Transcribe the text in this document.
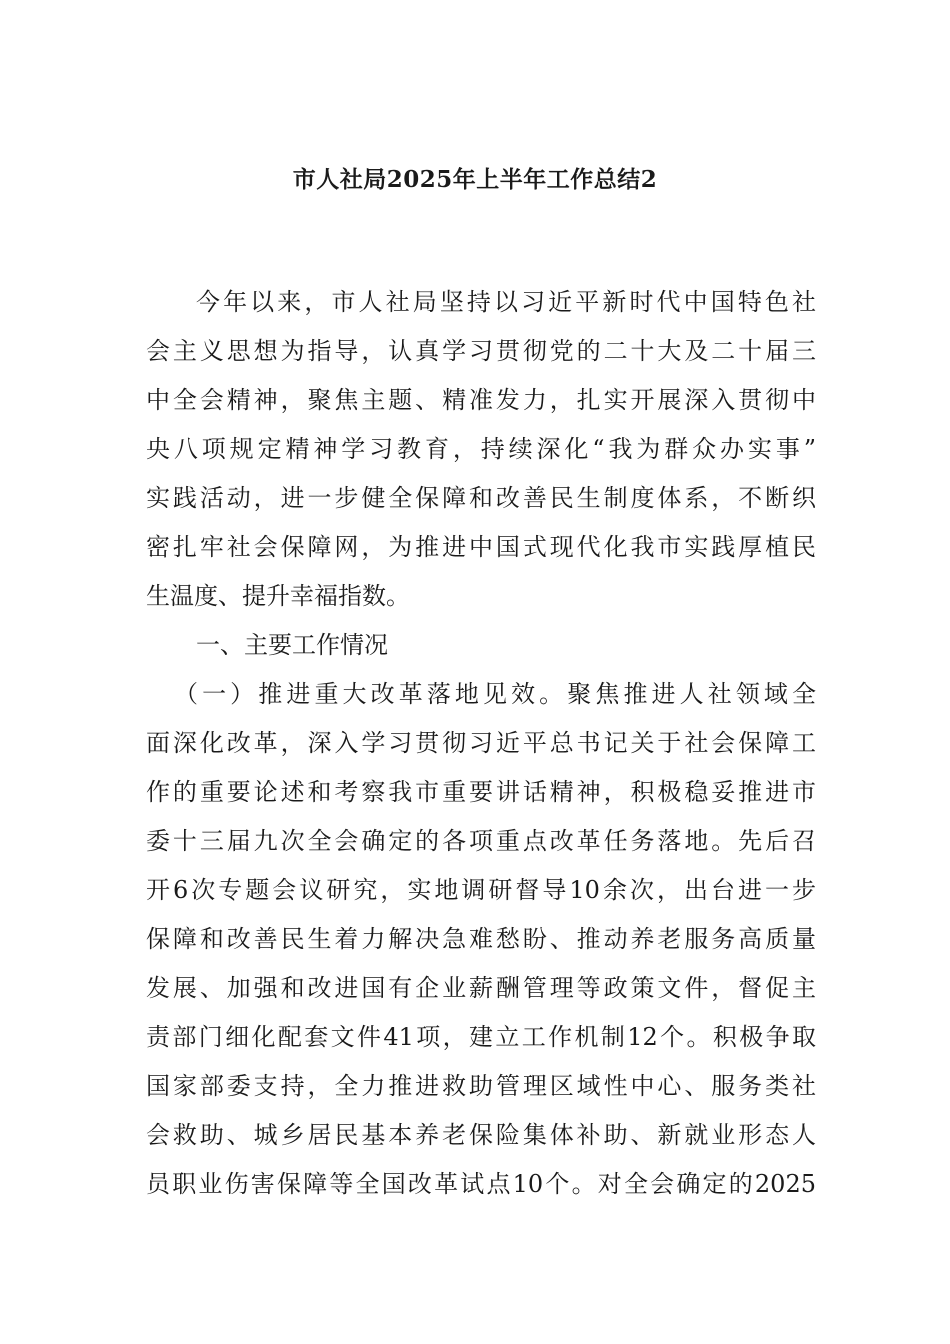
市人社局2025年上半年工作总结2
今年以来，市人社局坚持以习近平新时代中国特色社
会主义思想为指导，认真学习贯彻党的二十大及二十届三
中全会精神，聚焦主题、精准发力，扎实开展深入贯彻中
央八项规定精神学习教育，持续深化“我为群众办实事”
实践活动，进一步健全保障和改善民生制度体系，不断织
密扎牢社会保障网，为推进中国式现代化我市实践厚植民
生温度、提升幸福指数。
一、主要工作情况
（一）推进重大改革落地见效。聚焦推进人社领域全
面深化改革，深入学习贯彻习近平总书记关于社会保障工
作的重要论述和考察我市重要讲话精神，积极稳妥推进市
委十三届九次全会确定的各项重点改革任务落地。先后召
开6次专题会议研究，实地调研督导10余次，出台进一步
保障和改善民生着力解决急难愁盼、推动养老服务高质量
发展、加强和改进国有企业薪酬管理等政策文件，督促主
责部门细化配套文件41项，建立工作机制12个。积极争取
国家部委支持，全力推进救助管理区域性中心、服务类社
会救助、城乡居民基本养老保险集体补助、新就业形态人
员职业伤害保障等全国改革试点10个。对全会确定的2025
